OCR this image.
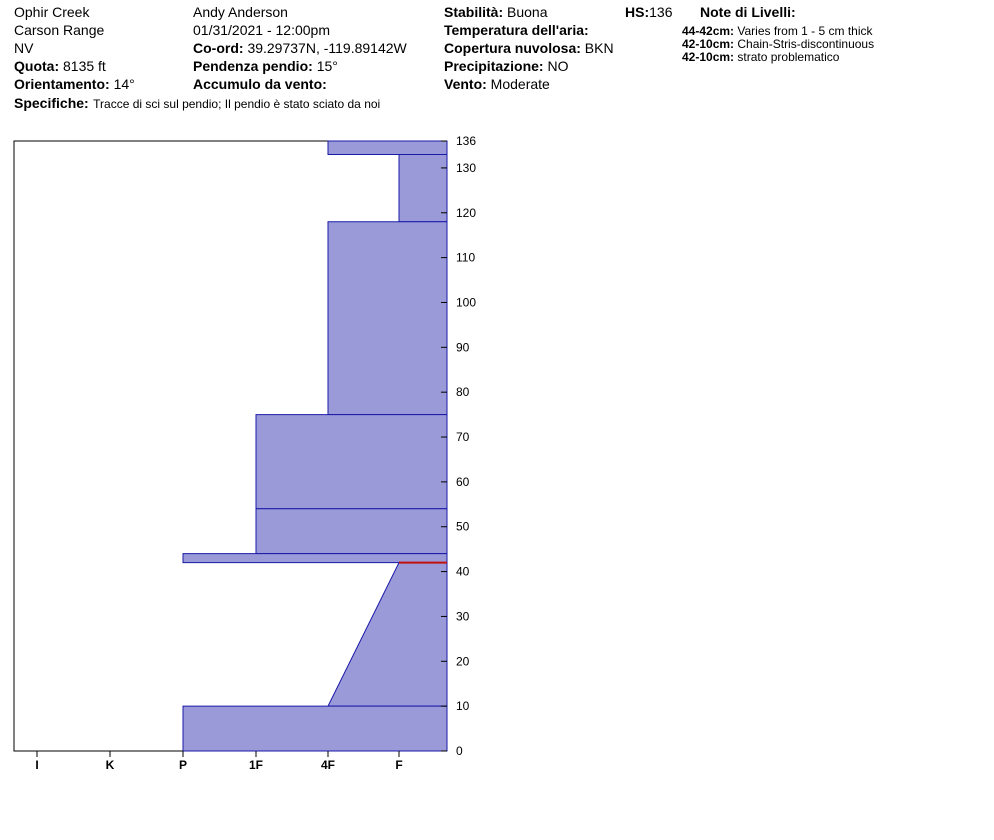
Ophir Creek
Carson Range
NV
Quota: 8135 ft
Orientamento: 14°
Specifiche: Tracce di sci sul pendio; Il pendio è stato sciato da noi
Andy Anderson
01/31/2021 - 12:00pm
Co-ord: 39.29737N, -119.89142W
Pendenza pendio: 15°
Accumulo da vento:
Stabilità: Buona
Temperatura dell'aria:
Copertura nuvolosa: BKN
Precipitazione: NO
Vento: Moderate
HS:136 Note di Livelli:
44-42cm: Varies from 1 - 5 cm thick
42-10cm: Chain-Stris-discontinuous
42-10cm: strato problematico
0
10
20
30
40
50
60
70
80
90
100
110
120
130
136
I	K	P	1F	4F	F
